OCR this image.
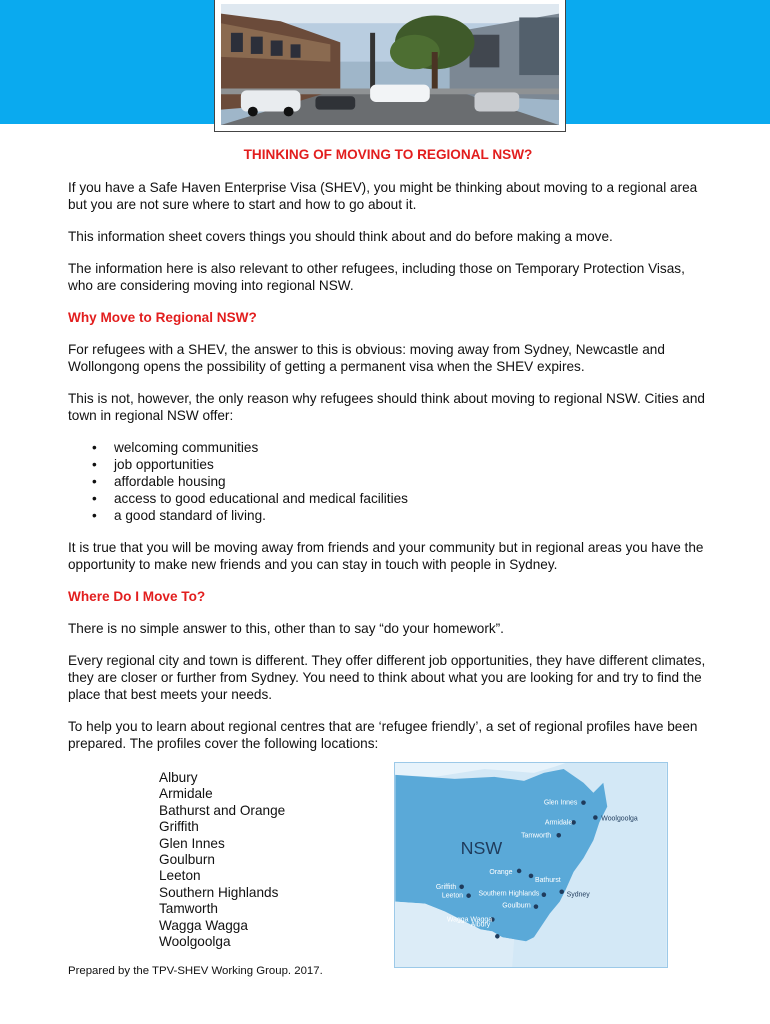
THINKING OF MOVING TO REGIONAL NSW?
If you have a Safe Haven Enterprise Visa (SHEV), you might be thinking about moving to a regional area but you are not sure where to start and how to go about it.
This information sheet covers things you should think about and do before making a move.
The information here is also relevant to other refugees, including those on Temporary Protection Visas, who are considering moving into regional NSW.
Why Move to Regional NSW?
For refugees with a SHEV, the answer to this is obvious: moving away from Sydney, Newcastle and Wollongong opens the possibility of getting a permanent visa when the SHEV expires.
This is not, however, the only reason why refugees should think about moving to regional NSW. Cities and town in regional NSW offer:
• welcoming communities
• job opportunities
• affordable housing
• access to good educational and medical facilities
• a good standard of living.
It is true that you will be moving away from friends and your community but in regional areas you have the opportunity to make new friends and you can stay in touch with people in Sydney.
Where Do I Move To?
There is no simple answer to this, other than to say “do your homework”.
Every regional city and town is different. They offer different job opportunities, they have different climates, they are closer or further from Sydney. You need to think about what you are looking for and try to find the place that best meets your needs.
To help you to learn about regional centres that are ‘refugee friendly’, a set of regional profiles have been prepared. The profiles cover the following locations:
Albury
Armidale
Bathurst and Orange
Griffith
Glen Innes
Goulburn
Leeton
Southern Highlands
Tamworth
Wagga Wagga
Woolgoolga
Glen Innes
Armidale
Tamworth
Orange
Bathurst
Griffith
Leeton Southern Highlands
Goulburn
Wagga Wagga
Albury
Woolgoolga
Sydney
NSW
Prepared by the TPV-SHEV Working Group. 2017.
